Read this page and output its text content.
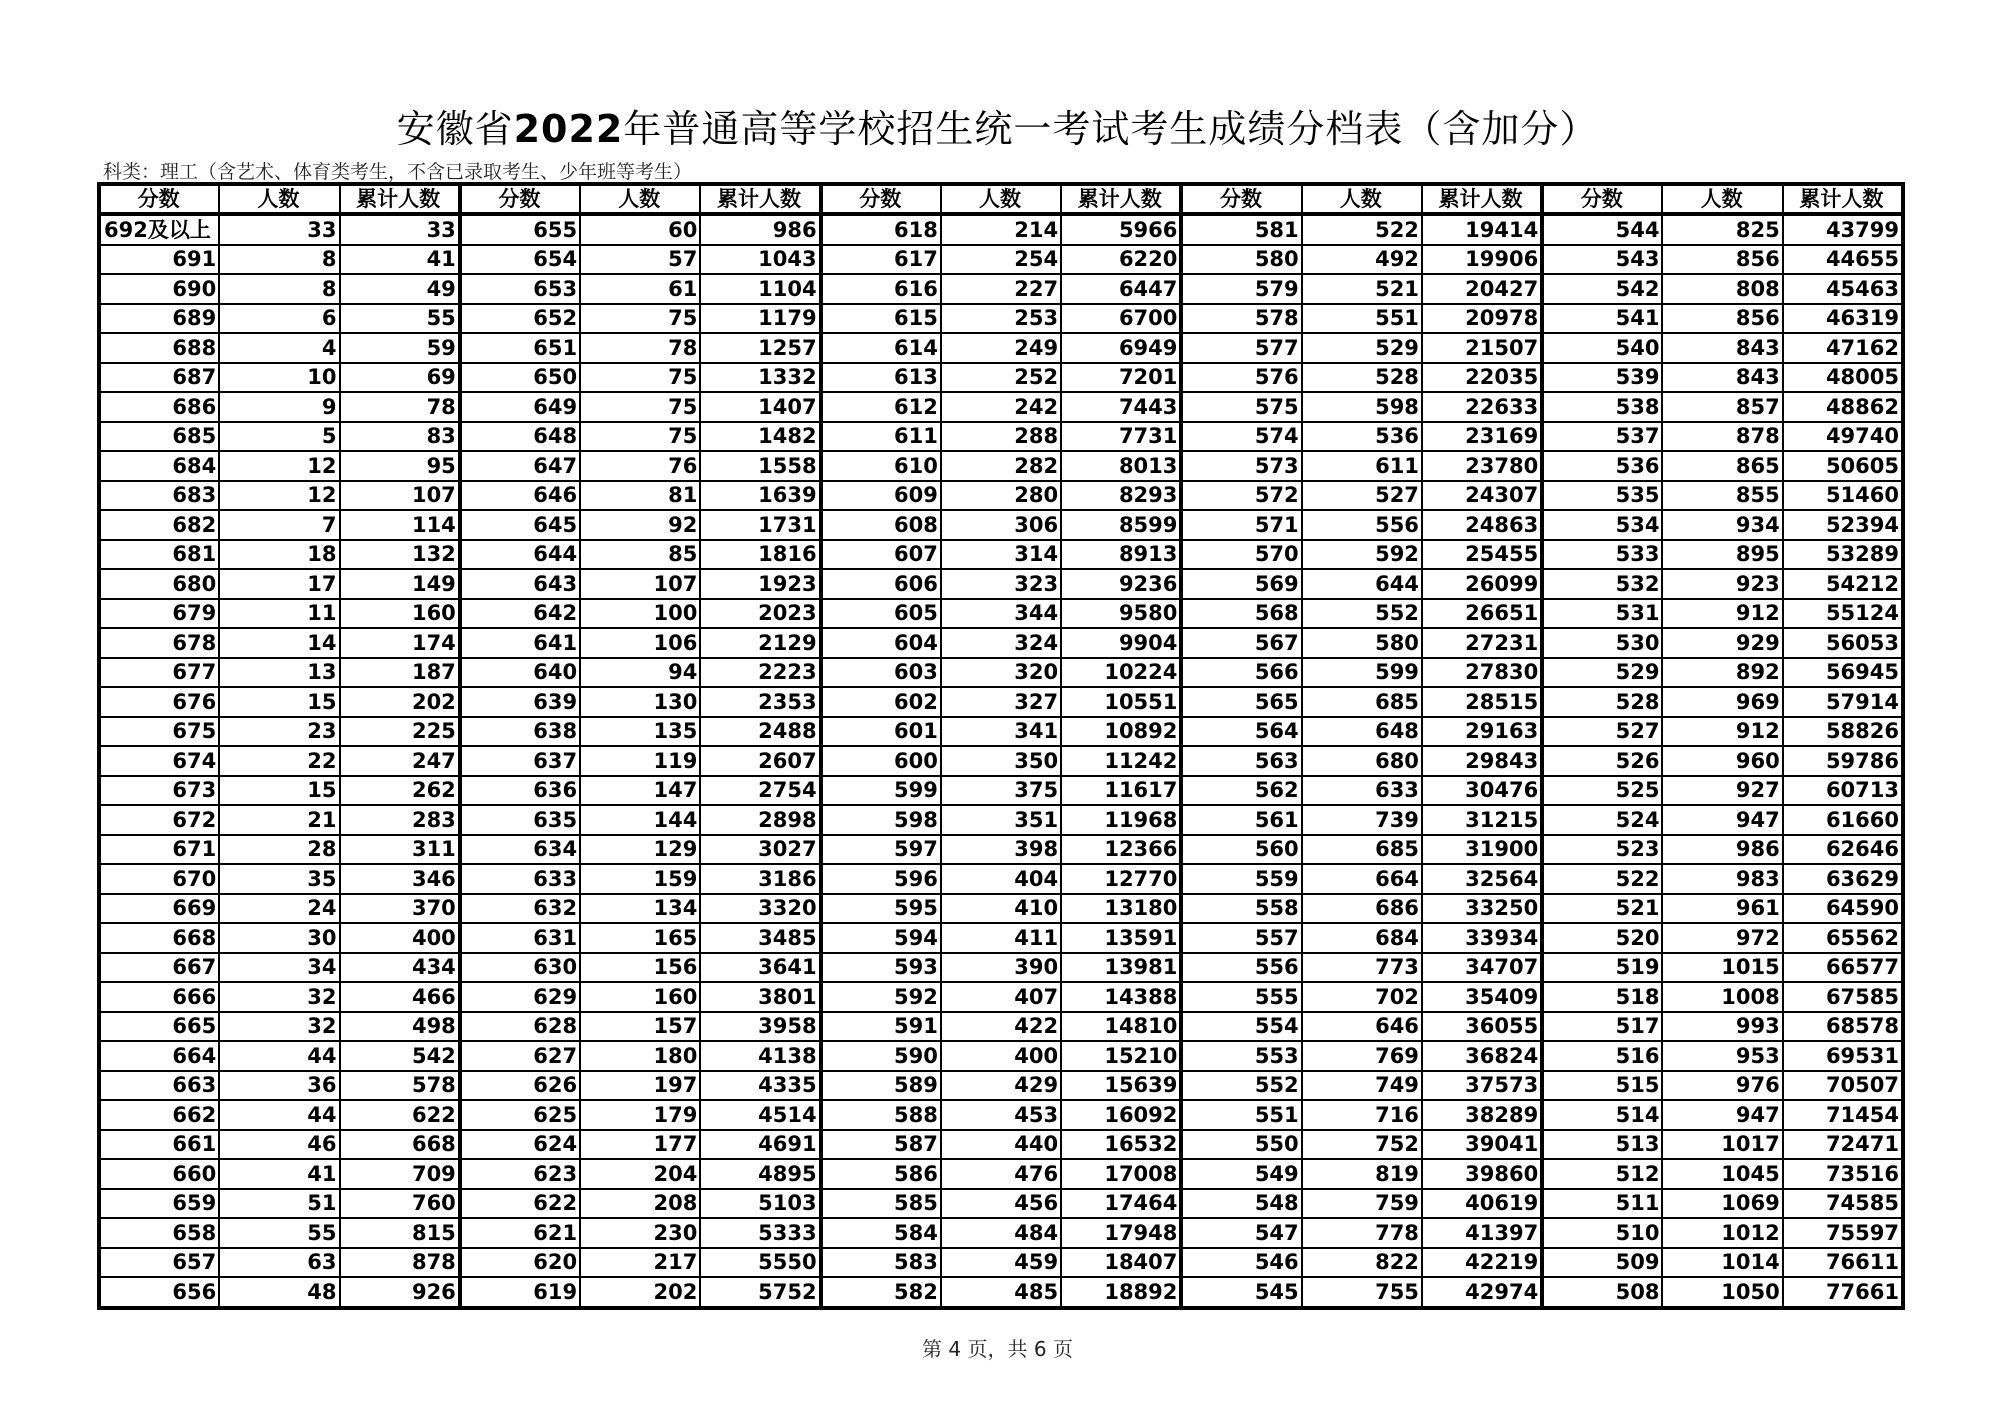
安徽省2022年普通高等学校招生统一考试考生成绩分档表（含加分）
科类：理工（含艺术、体育类考生，不含已录取考生、少年班等考生）
分数	人数	累计人数	分数	人数	累计人数	分数	人数	累计人数	分数	人数	累计人数	分数	人数	累计人数
692及以上	33	33	655	60	986	618	214	5966	581	522	19414	544	825	43799
691	8	41	654	57	1043	617	254	6220	580	492	19906	543	856	44655
690	8	49	653	61	1104	616	227	6447	579	521	20427	542	808	45463
689	6	55	652	75	1179	615	253	6700	578	551	20978	541	856	46319
688	4	59	651	78	1257	614	249	6949	577	529	21507	540	843	47162
687	10	69	650	75	1332	613	252	7201	576	528	22035	539	843	48005
686	9	78	649	75	1407	612	242	7443	575	598	22633	538	857	48862
685	5	83	648	75	1482	611	288	7731	574	536	23169	537	878	49740
684	12	95	647	76	1558	610	282	8013	573	611	23780	536	865	50605
683	12	107	646	81	1639	609	280	8293	572	527	24307	535	855	51460
682	7	114	645	92	1731	608	306	8599	571	556	24863	534	934	52394
681	18	132	644	85	1816	607	314	8913	570	592	25455	533	895	53289
680	17	149	643	107	1923	606	323	9236	569	644	26099	532	923	54212
679	11	160	642	100	2023	605	344	9580	568	552	26651	531	912	55124
678	14	174	641	106	2129	604	324	9904	567	580	27231	530	929	56053
677	13	187	640	94	2223	603	320	10224	566	599	27830	529	892	56945
676	15	202	639	130	2353	602	327	10551	565	685	28515	528	969	57914
675	23	225	638	135	2488	601	341	10892	564	648	29163	527	912	58826
674	22	247	637	119	2607	600	350	11242	563	680	29843	526	960	59786
673	15	262	636	147	2754	599	375	11617	562	633	30476	525	927	60713
672	21	283	635	144	2898	598	351	11968	561	739	31215	524	947	61660
671	28	311	634	129	3027	597	398	12366	560	685	31900	523	986	62646
670	35	346	633	159	3186	596	404	12770	559	664	32564	522	983	63629
669	24	370	632	134	3320	595	410	13180	558	686	33250	521	961	64590
668	30	400	631	165	3485	594	411	13591	557	684	33934	520	972	65562
667	34	434	630	156	3641	593	390	13981	556	773	34707	519	1015	66577
666	32	466	629	160	3801	592	407	14388	555	702	35409	518	1008	67585
665	32	498	628	157	3958	591	422	14810	554	646	36055	517	993	68578
664	44	542	627	180	4138	590	400	15210	553	769	36824	516	953	69531
663	36	578	626	197	4335	589	429	15639	552	749	37573	515	976	70507
662	44	622	625	179	4514	588	453	16092	551	716	38289	514	947	71454
661	46	668	624	177	4691	587	440	16532	550	752	39041	513	1017	72471
660	41	709	623	204	4895	586	476	17008	549	819	39860	512	1045	73516
659	51	760	622	208	5103	585	456	17464	548	759	40619	511	1069	74585
658	55	815	621	230	5333	584	484	17948	547	778	41397	510	1012	75597
657	63	878	620	217	5550	583	459	18407	546	822	42219	509	1014	76611
656	48	926	619	202	5752	582	485	18892	545	755	42974	508	1050	77661
第 4 页，共 6 页
